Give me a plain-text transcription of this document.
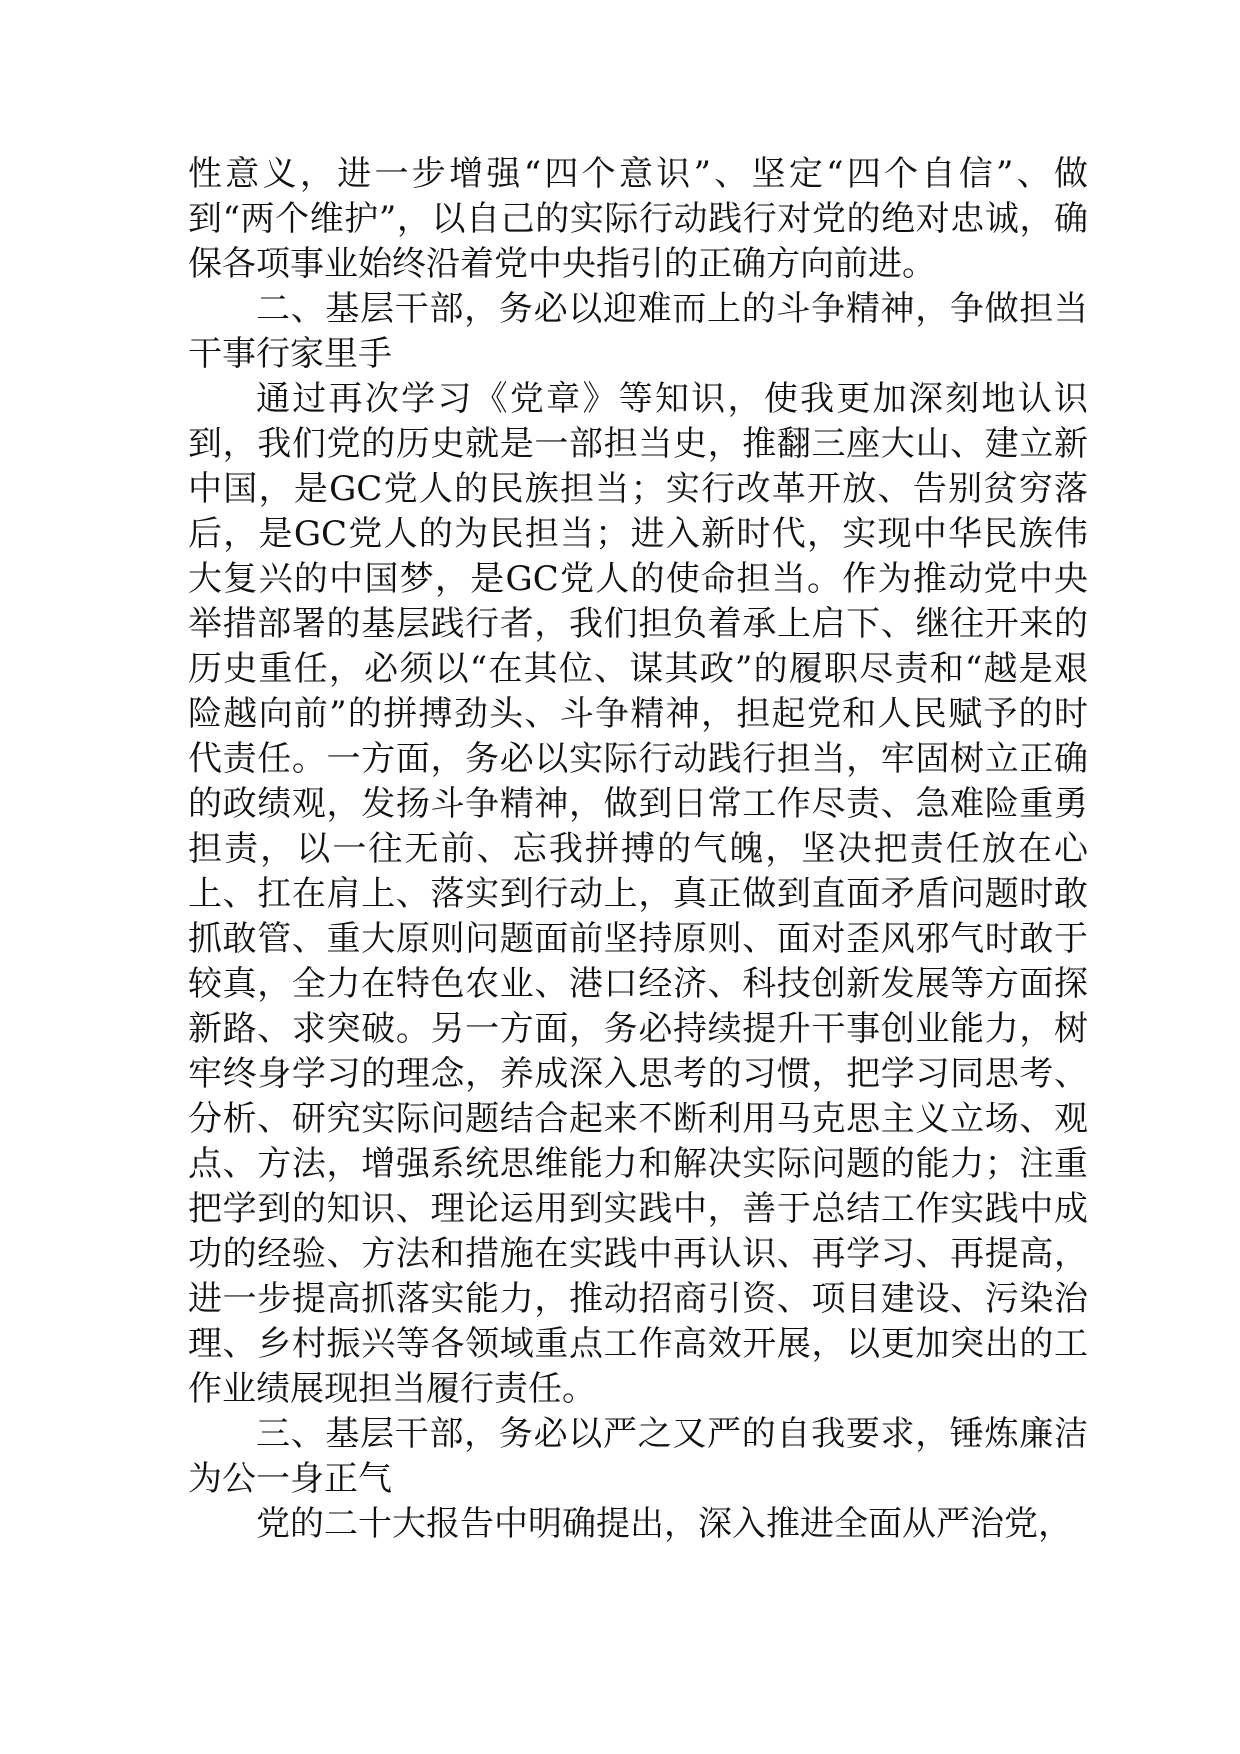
性意义，进一步增强“四个意识”、坚定“四个自信”、做到“两个维护”，以自己的实际行动践行对党的绝对忠诚，确保各项事业始终沿着党中央指引的正确方向前进。

二、基层干部，务必以迎难而上的斗争精神，争做担当干事行家里手

通过再次学习《党章》等知识，使我更加深刻地认识到，我们党的历史就是一部担当史，推翻三座大山、建立新中国，是GC党人的民族担当；实行改革开放、告别贫穷落后，是GC党人的为民担当；进入新时代，实现中华民族伟大复兴的中国梦，是GC党人的使命担当。作为推动党中央举措部署的基层践行者，我们担负着承上启下、继往开来的历史重任，必须以“在其位、谋其政”的履职尽责和“越是艰险越向前”的拼搏劲头、斗争精神，担起党和人民赋予的时代责任。一方面，务必以实际行动践行担当，牢固树立正确的政绩观，发扬斗争精神，做到日常工作尽责、急难险重勇担责，以一往无前、忘我拼搏的气魄，坚决把责任放在心上、扛在肩上、落实到行动上，真正做到直面矛盾问题时敢抓敢管、重大原则问题面前坚持原则、面对歪风邪气时敢于较真，全力在特色农业、港口经济、科技创新发展等方面探新路、求突破。另一方面，务必持续提升干事创业能力，树牢终身学习的理念，养成深入思考的习惯，把学习同思考、分析、研究实际问题结合起来不断利用马克思主义立场、观点、方法，增强系统思维能力和解决实际问题的能力；注重把学到的知识、理论运用到实践中，善于总结工作实践中成功的经验、方法和措施在实践中再认识、再学习、再提高，进一步提高抓落实能力，推动招商引资、项目建设、污染治理、乡村振兴等各领域重点工作高效开展，以更加突出的工作业绩展现担当履行责任。

三、基层干部，务必以严之又严的自我要求，锤炼廉洁为公一身正气

党的二十大报告中明确提出，深入推进全面从严治党，
